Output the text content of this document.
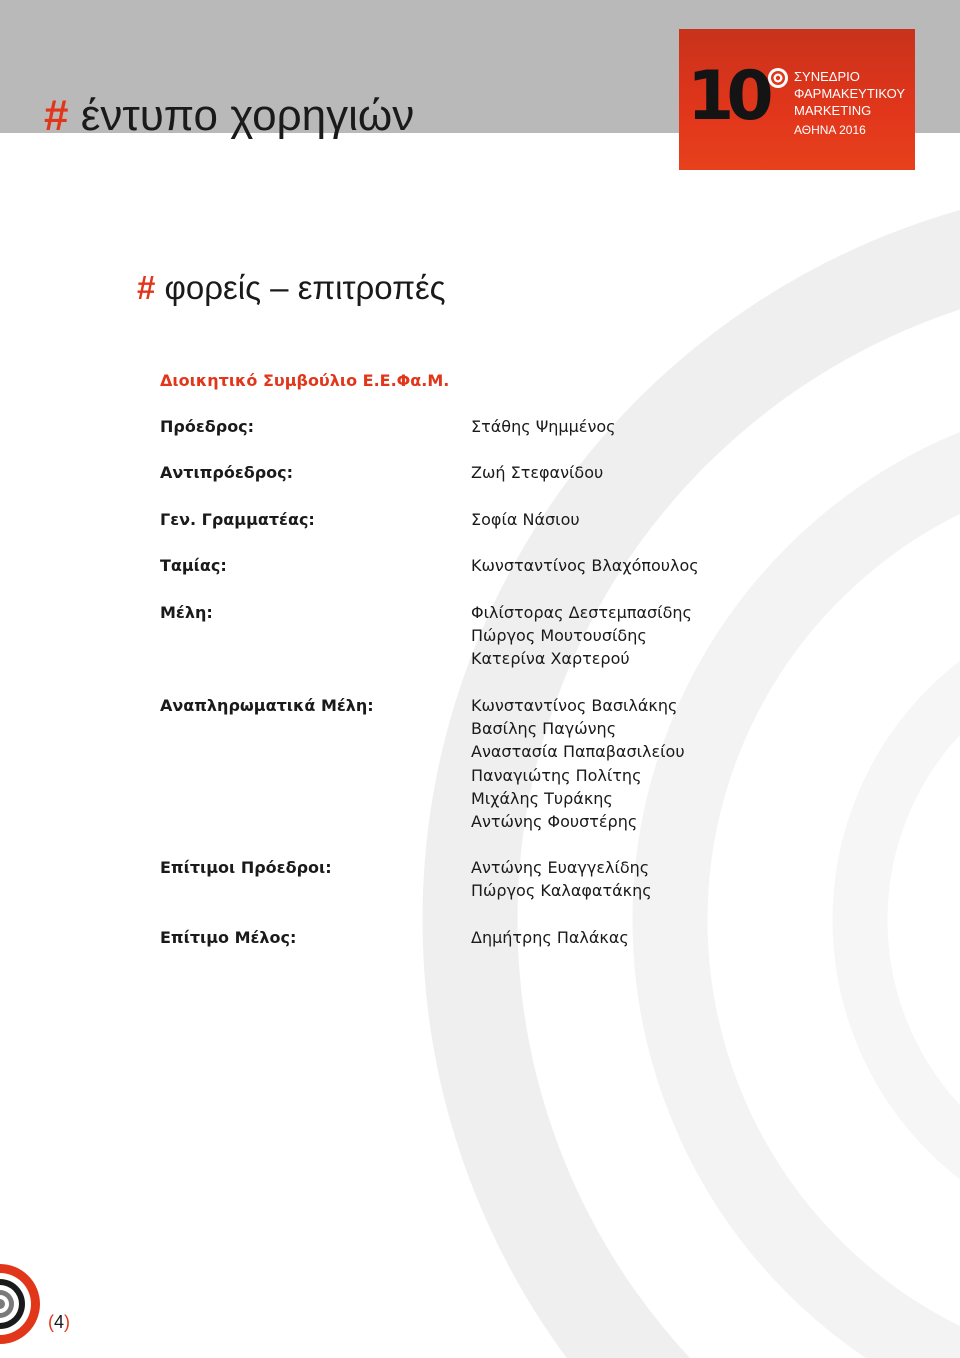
# έντυπο χορηγιών	10 ΣΥΝΕΔΡΙΟ
ΦΑΡΜΑΚΕΥΤΙΚΟΥ
MARKETING
ΑΘΗΝΑ 2016
# φορείς – επιτροπές
Διοικητικό Συμβούλιο Ε.Ε.Φα.Μ.
Πρόεδρος:	Στάθης Ψημμένος
Αντιπρόεδρος:	Ζωή Στεφανίδου
Γεν. Γραμματέας:	Σοφία Νάσιου
Ταμίας:	Κωνσταντίνος Βλαχόπουλος
Μέλη:	Φιλίστορας Δεστεμπασίδης
Πώργος Μουτουσίδης
Κατερίνα Χαρτερού
Αναπληρωματικά Μέλη:	Κωνσταντίνος Βασιλάκης
Βασίλης Παγώνης
Αναστασία Παπαβασιλείου
Παναγιώτης Πολίτης
Μιχάλης Τυράκης
Αντώνης Φουστέρης
Επίτιμοι Πρόεδροι:	Αντώνης Ευαγγελίδης
Πώργος Καλαφατάκης
Επίτιμο Μέλος:	Δημήτρης Παλάκας
(4)
